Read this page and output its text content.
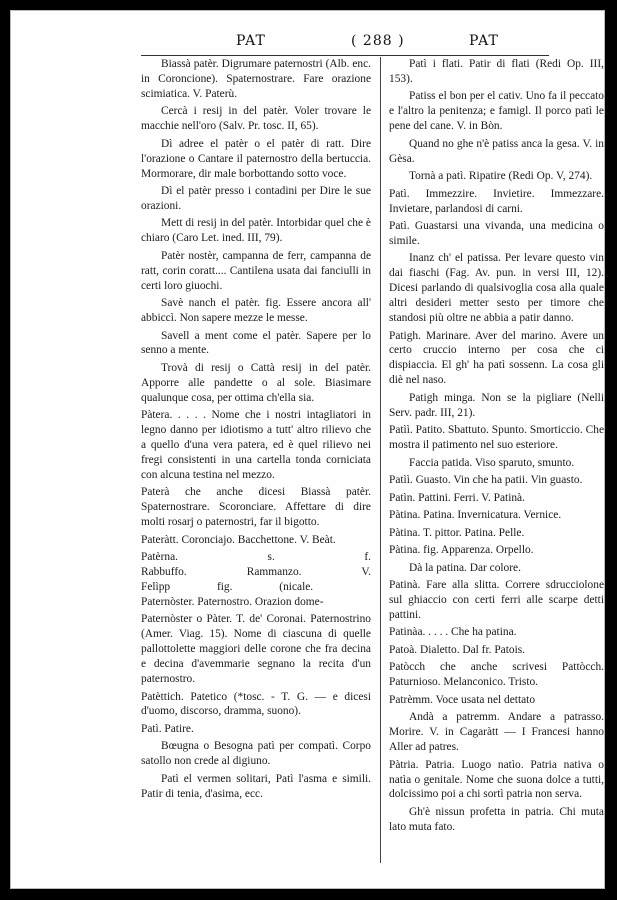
PAT	( 288 )	PAT

Biassà patèr. Digrumare paternostri (Alb. enc. in Coroncione). Spaternostrare. Fare orazione scimiatica. V. Paterù.

Cercà i resij in del patèr. Voler trovare le macchie nell'oro (Salv. Pr. tosc. II, 65).

Dì adree el patèr o el patèr di ratt. Dire l'orazione o Cantare il paternostro della bertuccia. Mormorare, dir male borbottando sotto voce.

Dì el patèr presso i contadini per Dire le sue orazioni.

Mett di resij in del patèr. Intorbidar quel che è chiaro (Caro Let. ined. III, 79).

Patèr nostèr, campanna de ferr, campanna de ratt, corin coratt.... Cantilena usata dai fanciulli in certi loro giuochi.

Savè nanch el patèr. fig. Essere ancora all' abbiccì. Non sapere mezze le messe.

Savell a ment come el patèr. Sapere per lo senno a mente.

Trovà di resij o Cattà resij in del patèr. Apporre alle pandette o al sole. Biasimare qualunque cosa, per ottima ch'ella sia.

Pàtera. . . . . Nome che i nostri intagliatori in legno danno per idiotismo a tutt' altro rilievo che a quello d'una vera patera, ed è quel rilievo nei fregi consistenti in una cartella tonda corniciata con alcuna testina nel mezzo.

Paterà che anche dicesi Biassà patèr. Spaternostrare. Scoronciare. Affettare di dire molti rosarj o paternostri, far il bigotto.

Pateràtt. Coronciajo. Bacchettone. V. Beàt.

Patèrna. s. f. Rabbuffo. Rammanzo. V. Felìpp fig. (nicale.

Paternòster. Paternostro. Orazion dome-

Paternòster o Pàter. T. de' Coronai. Paternostrino (Amer. Viag. 15). Nome di ciascuna di quelle pallottolette maggiori delle corone che fra decina e decina d'avemmarie segnano la recita d'un paternostro.

Patèttich. Patetico (*tosc. - T. G. — e dicesi d'uomo, discorso, dramma, suono).

Patì. Patire.

Bœugna o Besogna patì per compatì. Corpo satollo non crede al digiuno.

Patì el vermen solitari, Patì l'asma e simili. Patir di tenia, d'asima, ecc.

Patì i flati. Patir di flati (Redi Op. III, 153).

Patiss el bon per el cativ. Uno fa il peccato e l'altro la penitenza; e famigl. Il porco patì le pene del cane. V. in Bòn.

Quand no ghe n'è patiss anca la gesa. V. in Gèsa.

Tornà a patì. Ripatire (Redi Op. V, 274).

Patì. Immezzire. Invietire. Immezzare. Invietare, parlandosi di carni.

Patì. Guastarsi una vivanda, una medicina o simile.

Inanz ch' el patissa. Per levare questo vin dai fiaschi (Fag. Av. pun. in versi III, 12). Dicesi parlando di qualsivoglia cosa alla quale altri desideri metter sesto per timore che standosi più oltre ne abbia a patir danno.

Patigh. Marinare. Aver del marino. Avere un certo cruccio interno per cosa che ci dispiaccia. El gh' ha patì sossenn. La cosa gli diè nel naso.

Patigh minga. Non se la pigliare (Nelli Serv. padr. III, 21).

Patìì. Patito. Sbattuto. Spunto. Smorticcio. Che mostra il patimento nel suo esteriore.

Faccia patida. Viso sparuto, smunto.

Patìì. Guasto. Vin che ha patii. Vin guasto.

Patìn. Pattini. Ferri. V. Patinà.

Pàtina. Patina. Invernicatura. Vernice.

Pàtina. T. pittor. Patina. Pelle.

Pàtina. fig. Apparenza. Orpello.

Dà la patina. Dar colore.

Patinà. Fare alla slitta. Correre sdrucciolone sul ghiaccio con certi ferri alle scarpe detti pattini.

Patinàa. . . . . Che ha patina.

Patoà. Dialetto. Dal fr. Patois.

Patòcch che anche scrivesi Pattòcch. Paturnioso. Melanconico. Tristo.

Patrèmm. Voce usata nel dettato

Andà a patremm. Andare a patrasso. Morire. V. in Cagaràtt — I Francesi hanno Aller ad patres.

Pàtria. Patria. Luogo natìo. Patria nativa o natìa o genitale. Nome che suona dolce a tutti, dolcissimo poi a chi sortì patria non serva.

Gh'è nissun profetta in patria. Chi muta lato muta fato.
